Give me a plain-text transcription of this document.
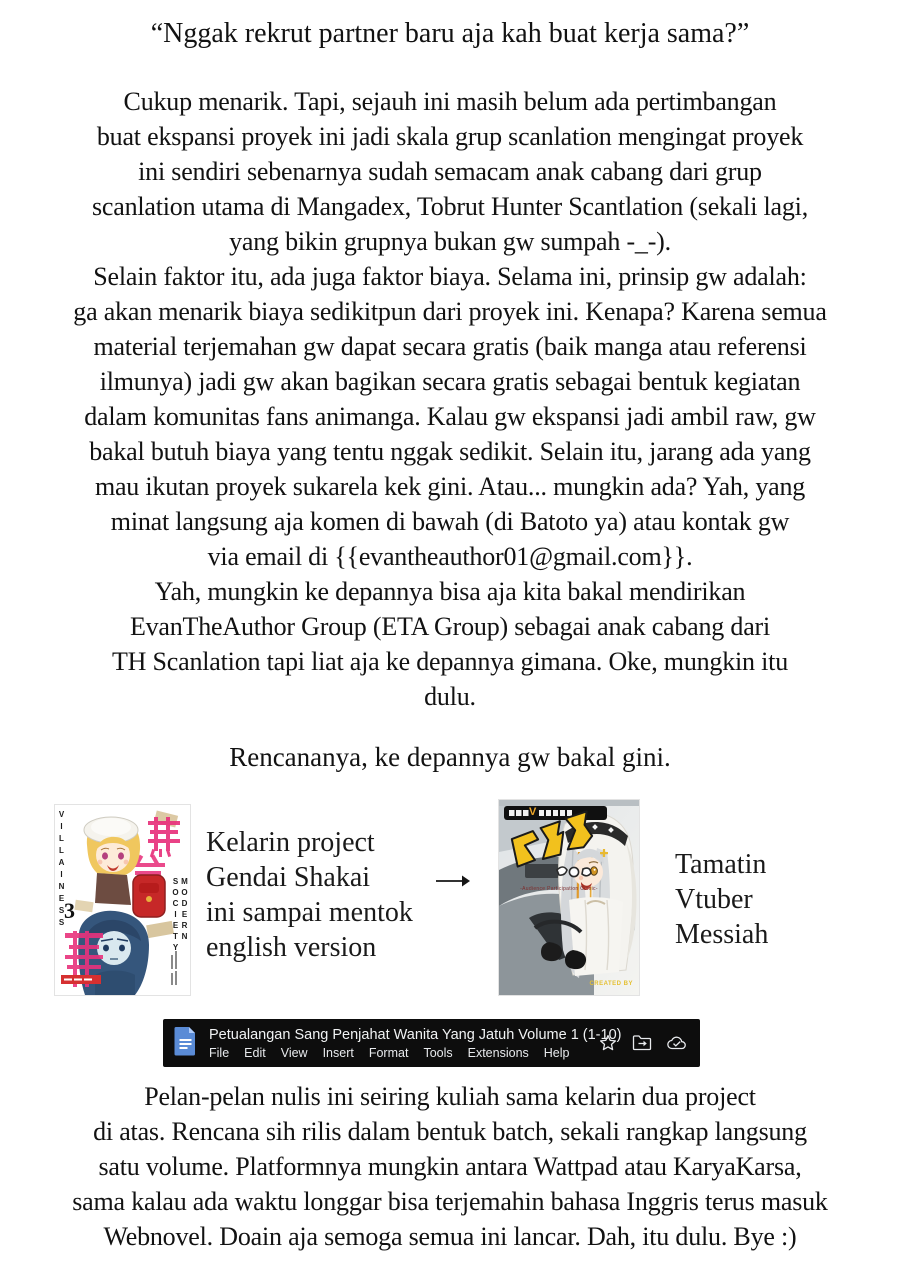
“Nggak rekrut partner baru aja kah buat kerja sama?”
Cukup menarik. Tapi, sejauh ini masih belum ada pertimbangan
buat ekspansi proyek ini jadi skala grup scanlation mengingat proyek
ini sendiri sebenarnya sudah semacam anak cabang dari grup
scanlation utama di Mangadex, Tobrut Hunter Scantlation (sekali lagi,
yang bikin grupnya bukan gw sumpah -_-).
Selain faktor itu, ada juga faktor biaya. Selama ini, prinsip gw adalah:
ga akan menarik biaya sedikitpun dari proyek ini. Kenapa? Karena semua
material terjemahan gw dapat secara gratis (baik manga atau referensi
ilmunya) jadi gw akan bagikan secara gratis sebagai bentuk kegiatan
dalam komunitas fans animanga. Kalau gw ekspansi jadi ambil raw, gw
bakal butuh biaya yang tentu nggak sedikit. Selain itu, jarang ada yang
mau ikutan proyek sukarela kek gini. Atau... mungkin ada? Yah, yang
minat langsung aja komen di bawah (di Batoto ya) atau kontak gw
via email di {{evantheauthor01@gmail.com}}.
Yah, mungkin ke depannya bisa aja kita bakal mendirikan
EvanTheAuthor Group (ETA Group) sebagai anak cabang dari
TH Scanlation tapi liat aja ke depannya gimana. Oke, mungkin itu
dulu.
Rencananya, ke depannya gw bakal gini.
VILLAINESS	MODERN SOCIETY
3
Kelarin project
Gendai Shakai
ini sampai mentok
english version
V
-Audience Participation Comic-
CREATED BY
Tamatin
Vtuber
Messiah
Petualangan Sang Penjahat Wanita Yang Jatuh Volume 1 (1-10)
File Edit View Insert Format Tools Extensions Help
Pelan-pelan nulis ini seiring kuliah sama kelarin dua project
di atas. Rencana sih rilis dalam bentuk batch, sekali rangkap langsung
satu volume. Platformnya mungkin antara Wattpad atau KaryaKarsa,
sama kalau ada waktu longgar bisa terjemahin bahasa Inggris terus masuk
Webnovel. Doain aja semoga semua ini lancar. Dah, itu dulu. Bye :)
